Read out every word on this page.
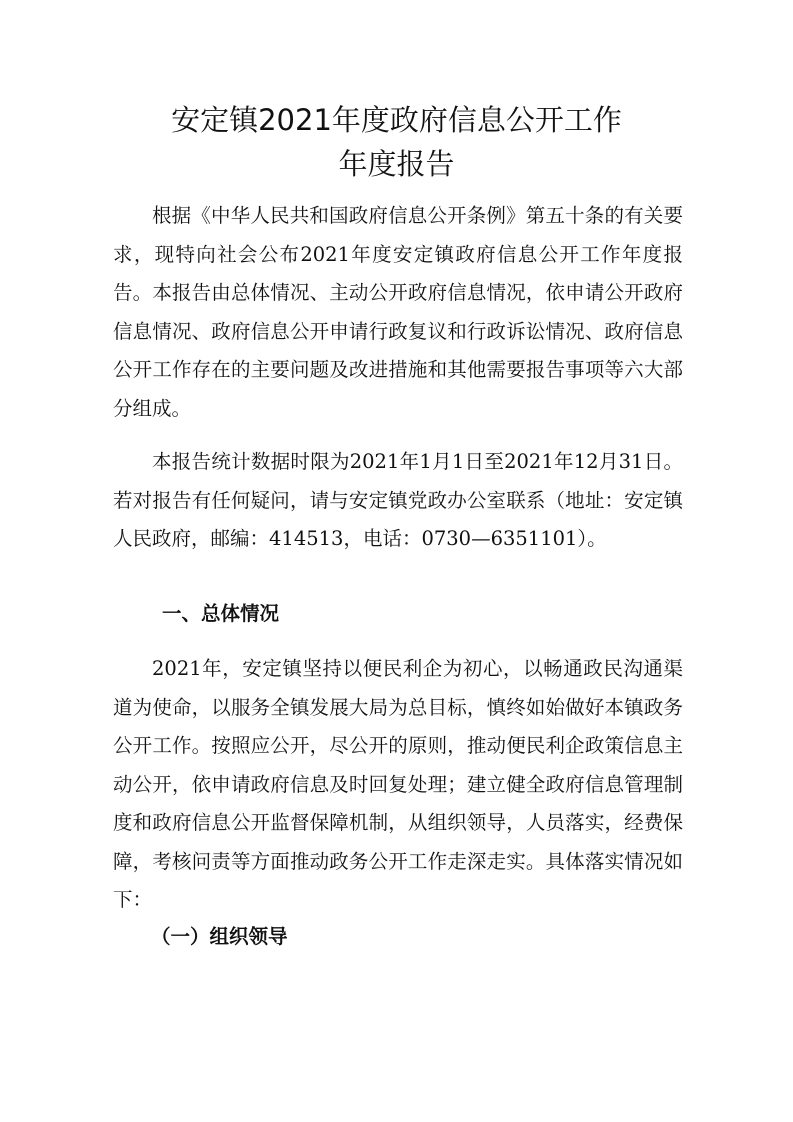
安定镇2021年度政府信息公开工作
年度报告

根据《中华人民共和国政府信息公开条例》第五十条的有关要求，现特向社会公布2021年度安定镇政府信息公开工作年度报告。本报告由总体情况、主动公开政府信息情况，依申请公开政府信息情况、政府信息公开申请行政复议和行政诉讼情况、政府信息公开工作存在的主要问题及改进措施和其他需要报告事项等六大部分组成。

本报告统计数据时限为2021年1月1日至2021年12月31日。若对报告有任何疑问，请与安定镇党政办公室联系（地址：安定镇人民政府，邮编：414513，电话：0730—6351101）。

一、总体情况

2021年，安定镇坚持以便民利企为初心，以畅通政民沟通渠道为使命，以服务全镇发展大局为总目标，慎终如始做好本镇政务公开工作。按照应公开，尽公开的原则，推动便民利企政策信息主动公开，依申请政府信息及时回复处理；建立健全政府信息管理制度和政府信息公开监督保障机制，从组织领导，人员落实，经费保障，考核问责等方面推动政务公开工作走深走实。具体落实情况如下：

（一）组织领导
